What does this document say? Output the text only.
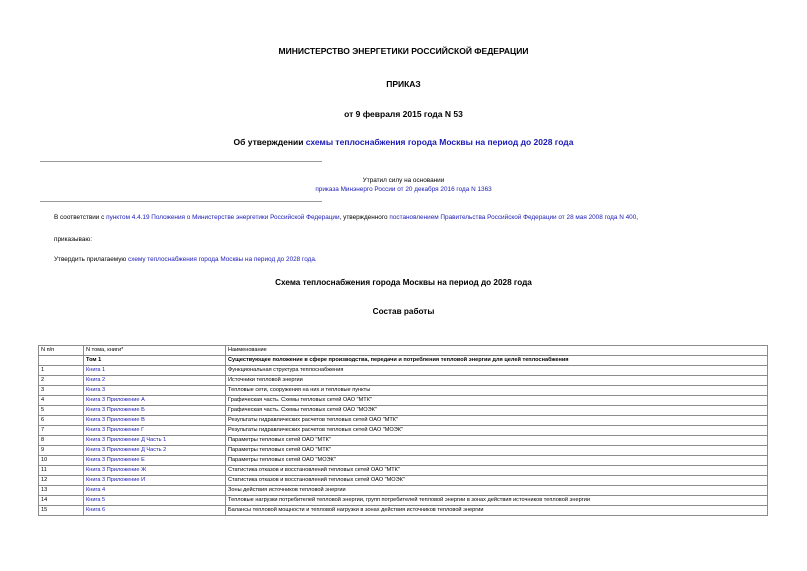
МИНИСТЕРСТВО ЭНЕРГЕТИКИ РОССИЙСКОЙ ФЕДЕРАЦИИ
ПРИКАЗ
от 9 февраля 2015 года N 53
Об утверждении схемы теплоснабжения города Москвы на период до 2028 года
Утратил силу на основании
приказа Минэнерго России от 20 декабря 2016 года N 1363
В соответствии с пунктом 4.4.19 Положения о Министерстве энергетики Российской Федерации, утвержденного постановлением Правительства Российской Федерации от 28 мая 2008 года N 400,
приказываю:
Утвердить прилагаемую схему теплоснабжения города Москвы на период до 2028 года.
Схема теплоснабжения города Москвы на период до 2028 года
Состав работы
N п/п	N тома, книги*	Наименование
	Том 1	Существующее положение в сфере производства, передачи и потребления тепловой энергии для целей теплоснабжения
1	Книга 1	Функциональная структура теплоснабжения
2	Книга 2	Источники тепловой энергии
3	Книга 3	Тепловые сети, сооружения на них и тепловые пункты
4	Книга 3 Приложение А	Графическая часть. Схемы тепловых сетей ОАО "МТК"
5	Книга 3 Приложение Б	Графическая часть. Схемы тепловых сетей ОАО "МОЭК"
6	Книга 3 Приложение В	Результаты гидравлических расчетов тепловых сетей ОАО "МТК"
7	Книга 3 Приложение Г	Результаты гидравлических расчетов тепловых сетей ОАО "МОЭК"
8	Книга 3 Приложение Д Часть 1	Параметры тепловых сетей ОАО "МТК"
9	Книга 3 Приложение Д Часть 2	Параметры тепловых сетей ОАО "МТК"
10	Книга 3 Приложение Е	Параметры тепловых сетей ОАО "МОЭК"
11	Книга 3 Приложение Ж	Статистика отказов и восстановлений тепловых сетей ОАО "МТК"
12	Книга 3 Приложение И	Статистика отказов и восстановлений тепловых сетей ОАО "МОЭК"
13	Книга 4	Зоны действия источников тепловой энергии
14	Книга 5	Тепловые нагрузки потребителей тепловой энергии, групп потребителей тепловой энергии в зонах действия источников тепловой энергии
15	Книга 6	Балансы тепловой мощности и тепловой нагрузки в зонах действия источников тепловой энергии
